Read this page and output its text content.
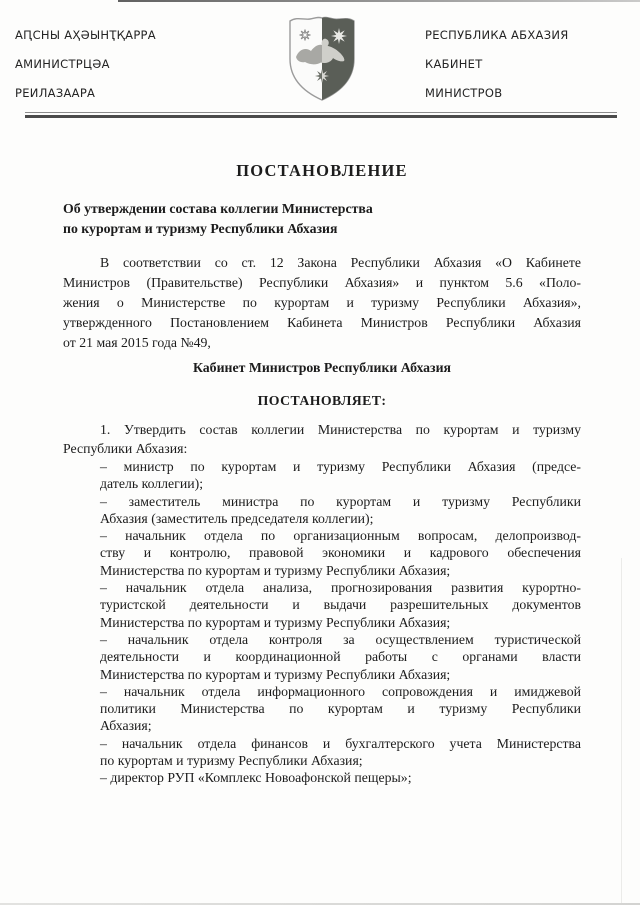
АԤСНЫ АҲӘЫНҬҚАРРА
АМИНИСТРЦӘА
РЕИЛАЗААРА
РЕСПУБЛИКА АБХАЗИЯ
КАБИНЕТ
МИНИСТРОВ
ПОСТАНОВЛЕНИЕ
Об утверждении состава коллегии Министерства
по курортам и туризму Республики Абхазия

В соответствии со ст. 12 Закона Республики Абхазия «О Кабинете
Министров (Правительстве) Республики Абхазия» и пунктом 5.6 «Поло-
жения о Министерстве по курортам и туризму Республики Абхазия»,
утвержденного Постановлением Кабинета Министров Республики Абхазия
от 21 мая 2015 года №49,

Кабинет Министров Республики Абхазия
ПОСТАНОВЛЯЕТ:

1. Утвердить состав коллегии Министерства по курортам и туризму
Республики Абхазия:

– министр по курортам и туризму Республики Абхазия (предсе-
датель коллегии);

– заместитель министра по курортам и туризму Республики
Абхазия (заместитель председателя коллегии);

– начальник отдела по организационным вопросам, делопроизвод-
ству и контролю, правовой экономики и кадрового обеспечения
Министерства по курортам и туризму Республики Абхазия;

– начальник отдела анализа, прогнозирования развития курортно-
туристской деятельности и выдачи разрешительных документов
Министерства по курортам и туризму Республики Абхазия;

– начальник отдела контроля за осуществлением туристической
деятельности и координационной работы с органами власти
Министерства по курортам и туризму Республики Абхазия;

– начальник отдела информационного сопровождения и имиджевой
политики Министерства по курортам и туризму Республики
Абхазия;

– начальник отдела финансов и бухгалтерского учета Министерства
по курортам и туризму Республики Абхазия;

– директор РУП «Комплекс Новоафонской пещеры»;
